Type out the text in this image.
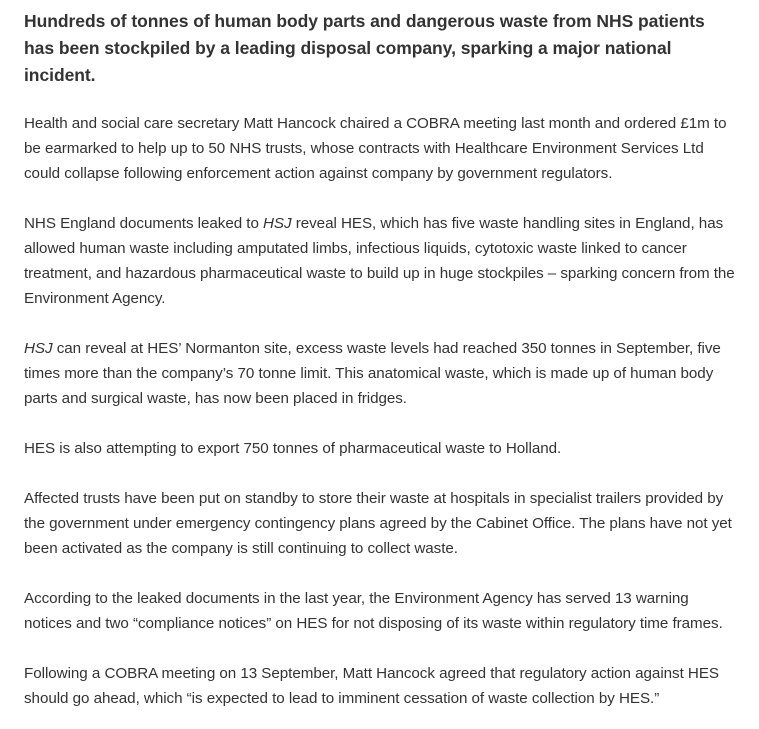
Hundreds of tonnes of human body parts and dangerous waste from NHS patients has been stockpiled by a leading disposal company, sparking a major national incident.

Health and social care secretary Matt Hancock chaired a COBRA meeting last month and ordered £1m to be earmarked to help up to 50 NHS trusts, whose contracts with Healthcare Environment Services Ltd could collapse following enforcement action against company by government regulators.

NHS England documents leaked to HSJ reveal HES, which has five waste handling sites in England, has allowed human waste including amputated limbs, infectious liquids, cytotoxic waste linked to cancer treatment, and hazardous pharmaceutical waste to build up in huge stockpiles – sparking concern from the Environment Agency.

HSJ can reveal at HES’ Normanton site, excess waste levels had reached 350 tonnes in September, five times more than the company’s 70 tonne limit. This anatomical waste, which is made up of human body parts and surgical waste, has now been placed in fridges.

HES is also attempting to export 750 tonnes of pharmaceutical waste to Holland.

Affected trusts have been put on standby to store their waste at hospitals in specialist trailers provided by the government under emergency contingency plans agreed by the Cabinet Office. The plans have not yet been activated as the company is still continuing to collect waste.

According to the leaked documents in the last year, the Environment Agency has served 13 warning notices and two “compliance notices” on HES for not disposing of its waste within regulatory time frames.

Following a COBRA meeting on 13 September, Matt Hancock agreed that regulatory action against HES should go ahead, which “is expected to lead to imminent cessation of waste collection by HES.”
